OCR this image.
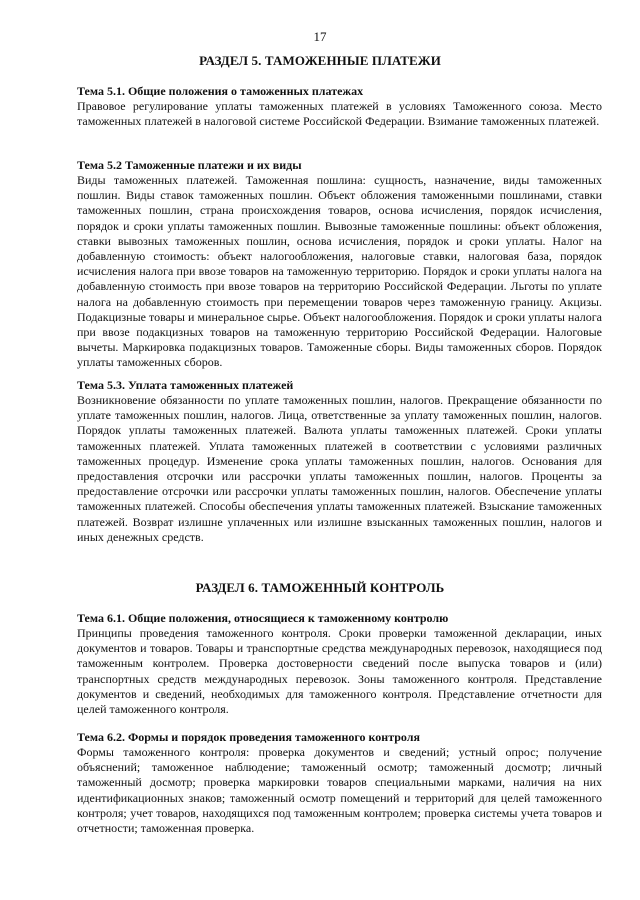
17
РАЗДЕЛ 5. ТАМОЖЕННЫЕ ПЛАТЕЖИ

Тема 5.1. Общие положения о таможенных платежах

Правовое регулирование уплаты таможенных платежей в условиях Таможенного союза. Место таможенных платежей в налоговой системе Российской Федерации. Взимание таможенных платежей.

Тема 5.2 Таможенные платежи и их виды

Виды таможенных платежей. Таможенная пошлина: сущность, назначение, виды таможенных пошлин. Виды ставок таможенных пошлин. Объект обложения таможенными пошлинами, ставки таможенных пошлин, страна происхождения товаров, основа исчисления, порядок исчисления, порядок и сроки уплаты таможенных пошлин. Вывозные таможенные пошлины: объект обложения, ставки вывозных таможенных пошлин, основа исчисления, порядок и сроки уплаты. Налог на добавленную стоимость: объект налогообложения, налоговые ставки, налоговая база, порядок исчисления налога при ввозе товаров на таможенную территорию. Порядок и сроки уплаты налога на добавленную стоимость при ввозе товаров на территорию Российской Федерации. Льготы по уплате налога на добавленную стоимость при перемещении товаров через таможенную границу. Акцизы. Подакцизные товары и минеральное сырье. Объект налогообложения. Порядок и сроки уплаты налога при ввозе подакцизных товаров на таможенную территорию Российской Федерации. Налоговые вычеты. Маркировка подакцизных товаров. Таможенные сборы. Виды таможенных сборов. Порядок уплаты таможенных сборов.

Тема 5.3. Уплата таможенных платежей

Возникновение обязанности по уплате таможенных пошлин, налогов. Прекращение обязанности по уплате таможенных пошлин, налогов. Лица, ответственные за уплату таможенных пошлин, налогов. Порядок уплаты таможенных платежей. Валюта уплаты таможенных платежей. Сроки уплаты таможенных платежей. Уплата таможенных платежей в соответствии с условиями различных таможенных процедур. Изменение срока уплаты таможенных пошлин, налогов. Основания для предоставления отсрочки или рассрочки уплаты таможенных пошлин, налогов. Проценты за предоставление отсрочки или рассрочки уплаты таможенных пошлин, налогов. Обеспечение уплаты таможенных платежей. Способы обеспечения уплаты таможенных платежей. Взыскание таможенных платежей. Возврат излишне уплаченных или излишне взысканных таможенных пошлин, налогов и иных денежных средств.

РАЗДЕЛ 6. ТАМОЖЕННЫЙ КОНТРОЛЬ

Тема 6.1. Общие положения, относящиеся к таможенному контролю

Принципы проведения таможенного контроля. Сроки проверки таможенной декларации, иных документов и товаров. Товары и транспортные средства международных перевозок, находящиеся под таможенным контролем. Проверка достоверности сведений после выпуска товаров и (или) транспортных средств международных перевозок. Зоны таможенного контроля. Представление документов и сведений, необходимых для таможенного контроля. Представление отчетности для целей таможенного контроля.

Тема 6.2. Формы и порядок проведения таможенного контроля

Формы таможенного контроля: проверка документов и сведений; устный опрос; получение объяснений; таможенное наблюдение; таможенный осмотр; таможенный досмотр; личный таможенный досмотр; проверка маркировки товаров специальными марками, наличия на них идентификационных знаков; таможенный осмотр помещений и территорий для целей таможенного контроля; учет товаров, находящихся под таможенным контролем; проверка системы учета товаров и отчетности; таможенная проверка.
